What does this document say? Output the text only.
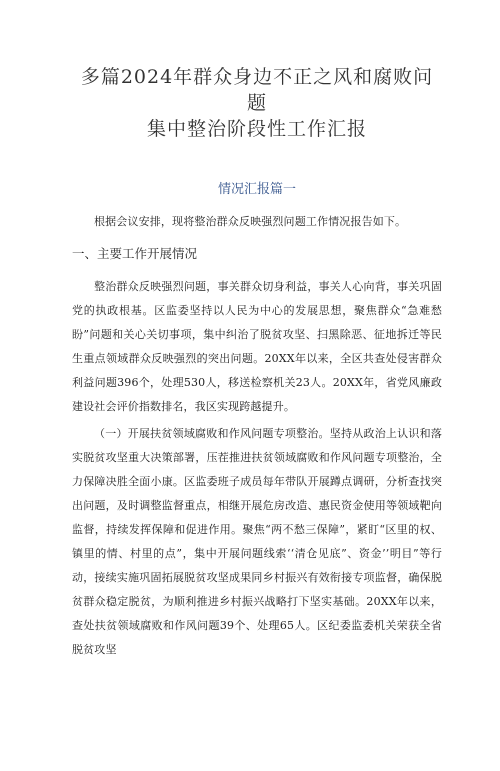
多篇2024年群众身边不正之风和腐败问题
集中整治阶段性工作汇报
情况汇报篇一

根据会议安排，现将整治群众反映强烈问题工作情况报告如下。

一、主要工作开展情况

整治群众反映强烈问题，事关群众切身利益，事关人心向背，事关巩固党的执政根基。区监委坚持以人民为中心的发展思想，聚焦群众“急难愁盼”问题和关心关切事项，集中纠治了脱贫攻坚、扫黑除恶、征地拆迁等民生重点领域群众反映强烈的突出问题。20XX年以来，全区共查处侵害群众利益问题396个，处理530人，移送检察机关23人。20XX年，省党风廉政建设社会评价指数排名，我区实现跨越提升。

（一）开展扶贫领域腐败和作风问题专项整治。坚持从政治上认识和落实脱贫攻坚重大决策部署，压茬推进扶贫领域腐败和作风问题专项整治，全力保障决胜全面小康。区监委班子成员每年带队开展蹲点调研，分析查找突出问题，及时调整监督重点，相继开展危房改造、惠民资金使用等领域靶向监督，持续发挥保障和促进作用。聚焦“两不愁三保障”，紧盯“区里的权、镇里的情、村里的点”，集中开展问题线索‘‘清仓见底”、资金’’明目”等行动，接续实施巩固拓展脱贫攻坚成果同乡村振兴有效衔接专项监督，确保脱贫群众稳定脱贫，为顺利推进乡村振兴战略打下坚实基础。20XX年以来，查处扶贫领域腐败和作风问题39个、处理65人。区纪委监委机关荣获全省脱贫攻坚
